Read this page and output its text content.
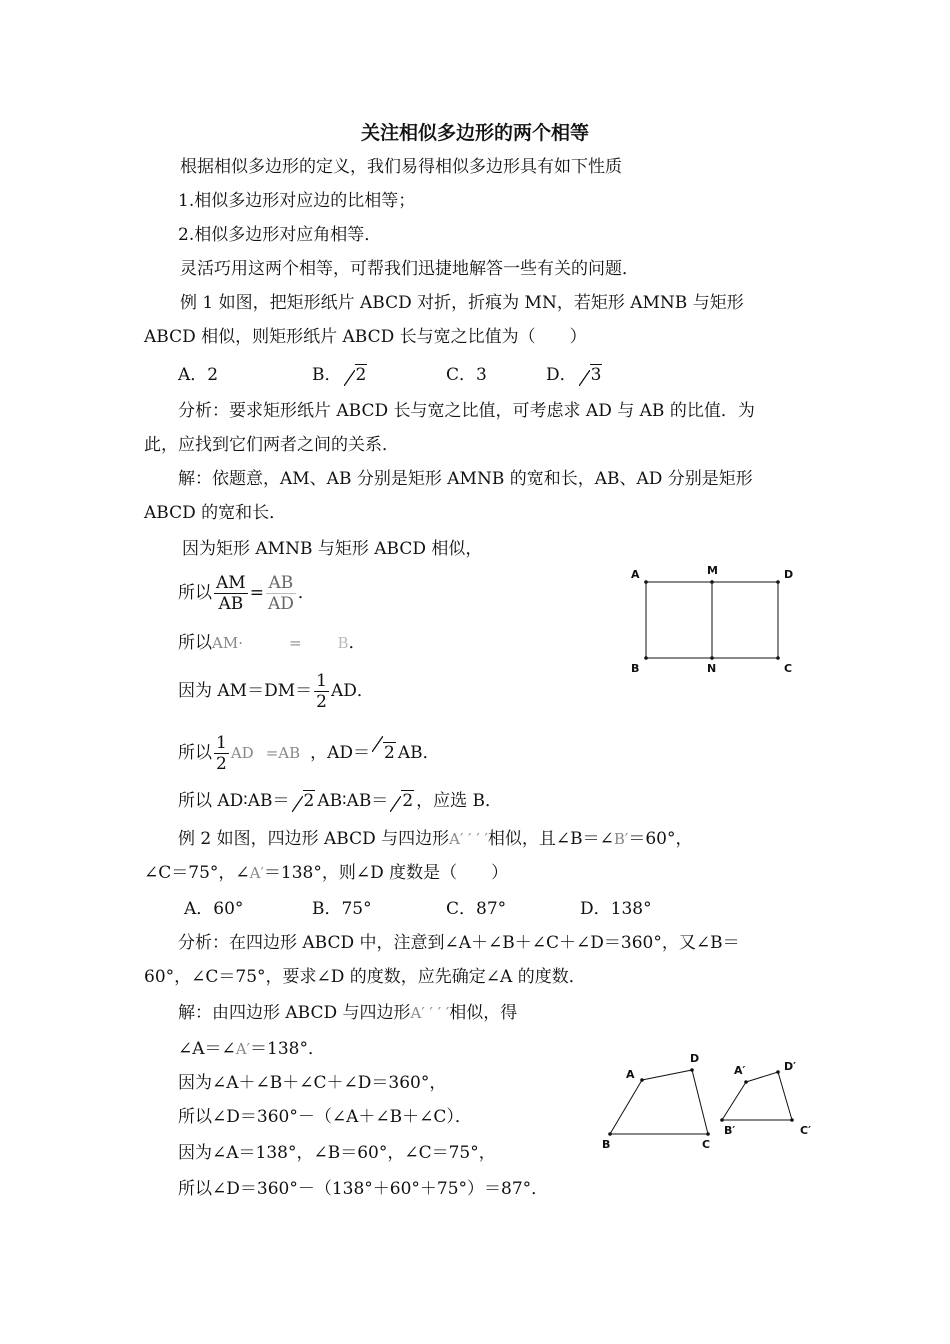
关注相似多边形的两个相等
根据相似多边形的定义，我们易得相似多边形具有如下性质
1.相似多边形对应边的比相等；
2.相似多边形对应角相等．
灵活巧用这两个相等，可帮我们迅捷地解答一些有关的问题．
例 1 如图，把矩形纸片 ABCD 对折，折痕为 MN，若矩形 AMNB 与矩形
ABCD 相似，则矩形纸片 ABCD 长与宽之比值为（　　）
A．2	B． 2	C．3	D． 3
分析：要求矩形纸片 ABCD 长与宽之比值，可考虑求 AD 与 AB 的比值．为
此，应找到它们两者之间的关系．
解：依题意，AM、AB 分别是矩形 AMNB 的宽和长，AB、AD 分别是矩形
ABCD 的宽和长．
因为矩形 AMNB 与矩形 ABCD 相似，
所以 $\frac{AM}{AB} = \frac{AB}{AD}$ ．
所以AM·	= B．
因为 $AM=DM= \frac{1}{2}$ AD．
所以 $\frac{1}{2}$ AD =AB ，AD＝ 2 AB．
所以 AD∶AB＝ 2 AB∶AB＝ 2 ，应选 B．
例 2 如图，四边形 ABCD 与四边形A′ ′ ′ ′相似，且∠B＝∠B′＝60°，
∠C＝75°，∠A′＝138°，则∠D 度数是（　　）
A．60°	B．75°	C．87°	D．138°
分析：在四边形 ABCD 中，注意到∠A＋∠B＋∠C＋∠D＝360°，又∠B＝
60°，∠C＝75°，要求∠D 的度数，应先确定∠A 的度数．
解：由四边形 ABCD 与四边形A′ ′ ′ ′相似，得
∠A＝∠A′＝138°．
因为∠A＋∠B＋∠C＋∠D＝360°，
所以∠D＝360°－（∠A＋∠B＋∠C）．
因为∠A＝138°，∠B＝60°，∠C＝75°，
所以∠D＝360°－（138°＋60°＋75°）＝87°．
A	M	D
B	N	C
A
D
B	C
A′	D′
B′	C′
